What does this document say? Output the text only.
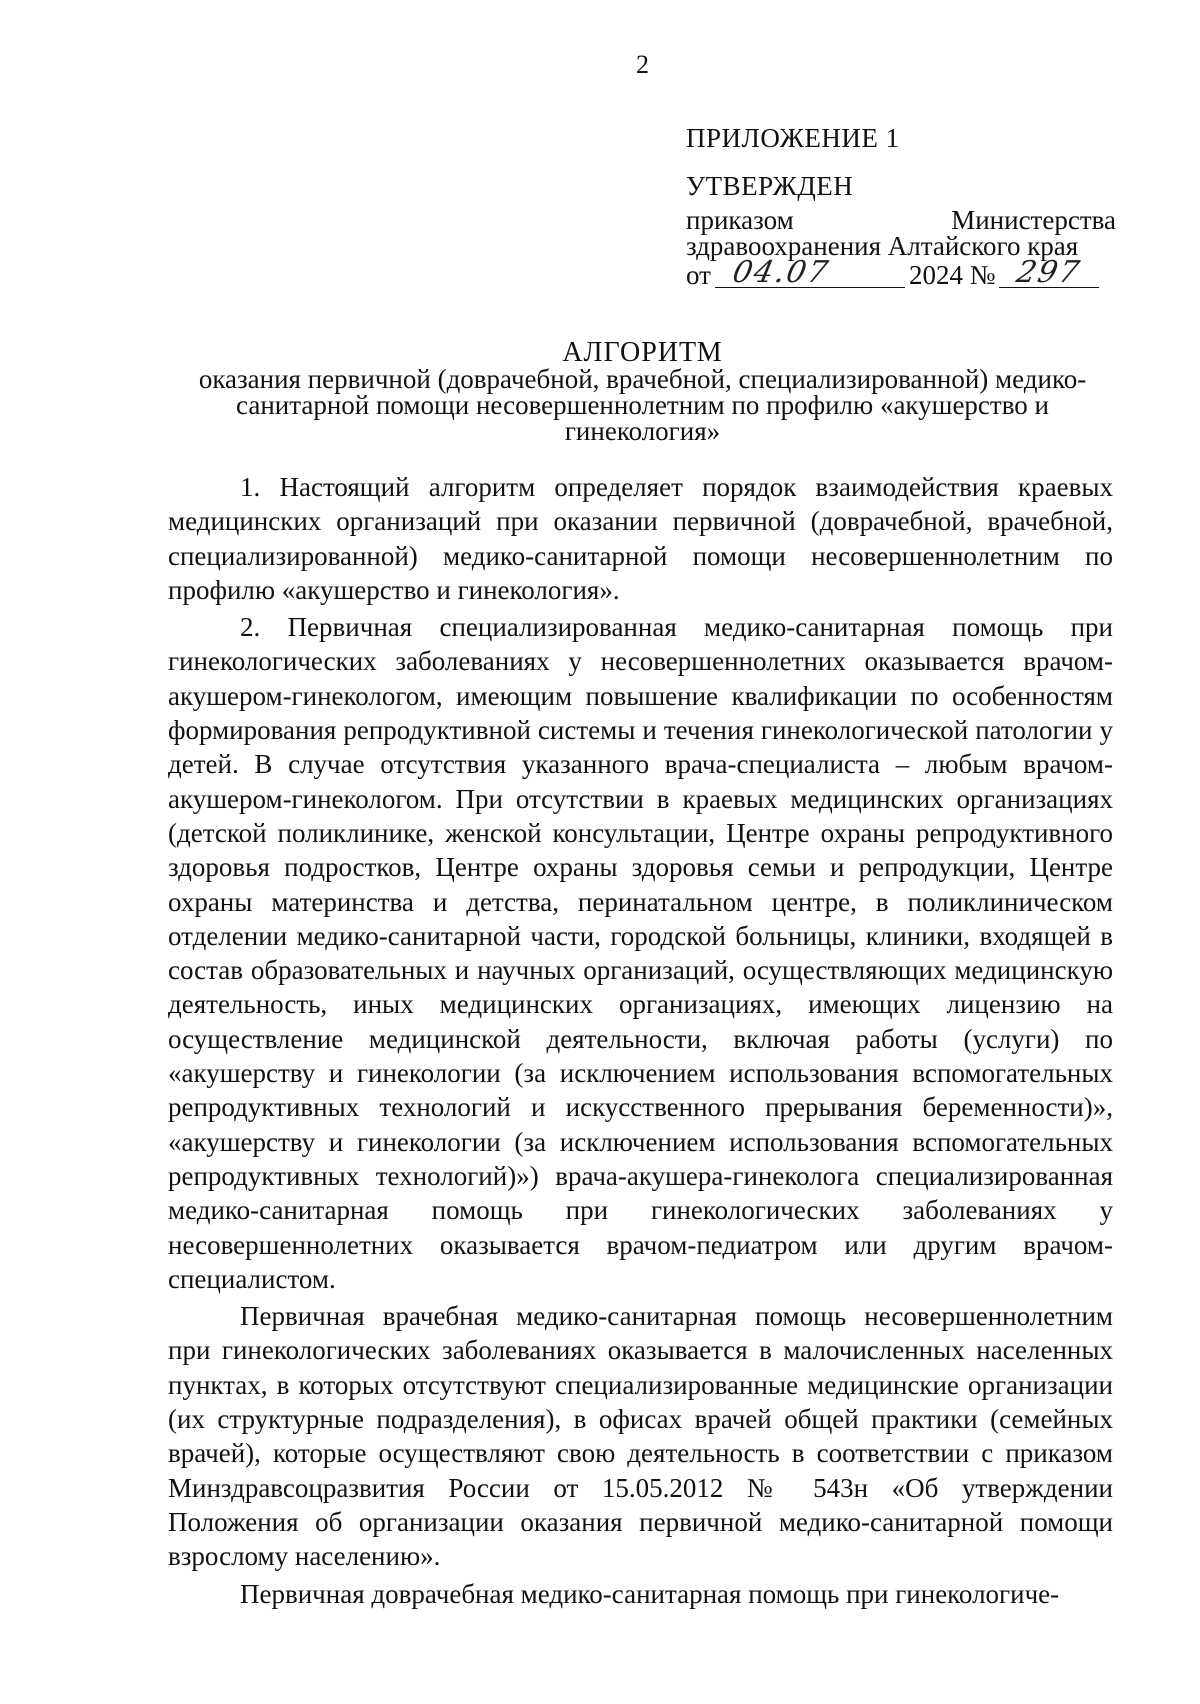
2
ПРИЛОЖЕНИЕ 1
УТВЕРЖДЕН
приказом Министерства здравоохранения Алтайского края
от 04.07	2024 № 297
АЛГОРИТМ
оказания первичной (доврачебной, врачебной, специализированной) медико-санитарной помощи несовершеннолетним по профилю «акушерство и гинекология»

1. Настоящий алгоритм определяет порядок взаимодействия краевых медицинских организаций при оказании первичной (доврачебной, врачебной, специализированной) медико-санитарной помощи несовершеннолетним по профилю «акушерство и гинекология».

2. Первичная специализированная медико-санитарная помощь при гинекологических заболеваниях у несовершеннолетних оказывается врачом-акушером-гинекологом, имеющим повышение квалификации по особенностям формирования репродуктивной системы и течения гинекологической патологии у детей. В случае отсутствия указанного врача-специалиста – любым врачом-акушером-гинекологом. При отсутствии в краевых медицинских организациях (детской поликлинике, женской консультации, Центре охраны репродуктивного здоровья подростков, Центре охраны здоровья семьи и репродукции, Центре охраны материнства и детства, перинатальном центре, в поликлиническом отделении медико-санитарной части, городской больницы, клиники, входящей в состав образовательных и научных организаций, осуществляющих медицинскую деятельность, иных медицинских организациях, имеющих лицензию на осуществление медицинской деятельности, включая работы (услуги) по «акушерству и гинекологии (за исключением использования вспомогательных репродуктивных технологий и искусственного прерывания беременности)», «акушерству и гинекологии (за исключением использования вспомогательных репродуктивных технологий)») врача-акушера-гинеколога специализированная медико-санитарная помощь при гинекологических заболеваниях у несовершеннолетних оказывается врачом-педиатром или другим врачом-специалистом.

Первичная врачебная медико-санитарная помощь несовершеннолетним при гинекологических заболеваниях оказывается в малочисленных населенных пунктах, в которых отсутствуют специализированные медицинские организации (их структурные подразделения), в офисах врачей общей практики (семейных врачей), которые осуществляют свою деятельность в соответствии с приказом Минздравсоцразвития России от 15.05.2012 № 543н «Об утверждении Положения об организации оказания первичной медико-санитарной помощи взрослому населению».

Первичная доврачебная медико-санитарная помощь при гинекологиче-
